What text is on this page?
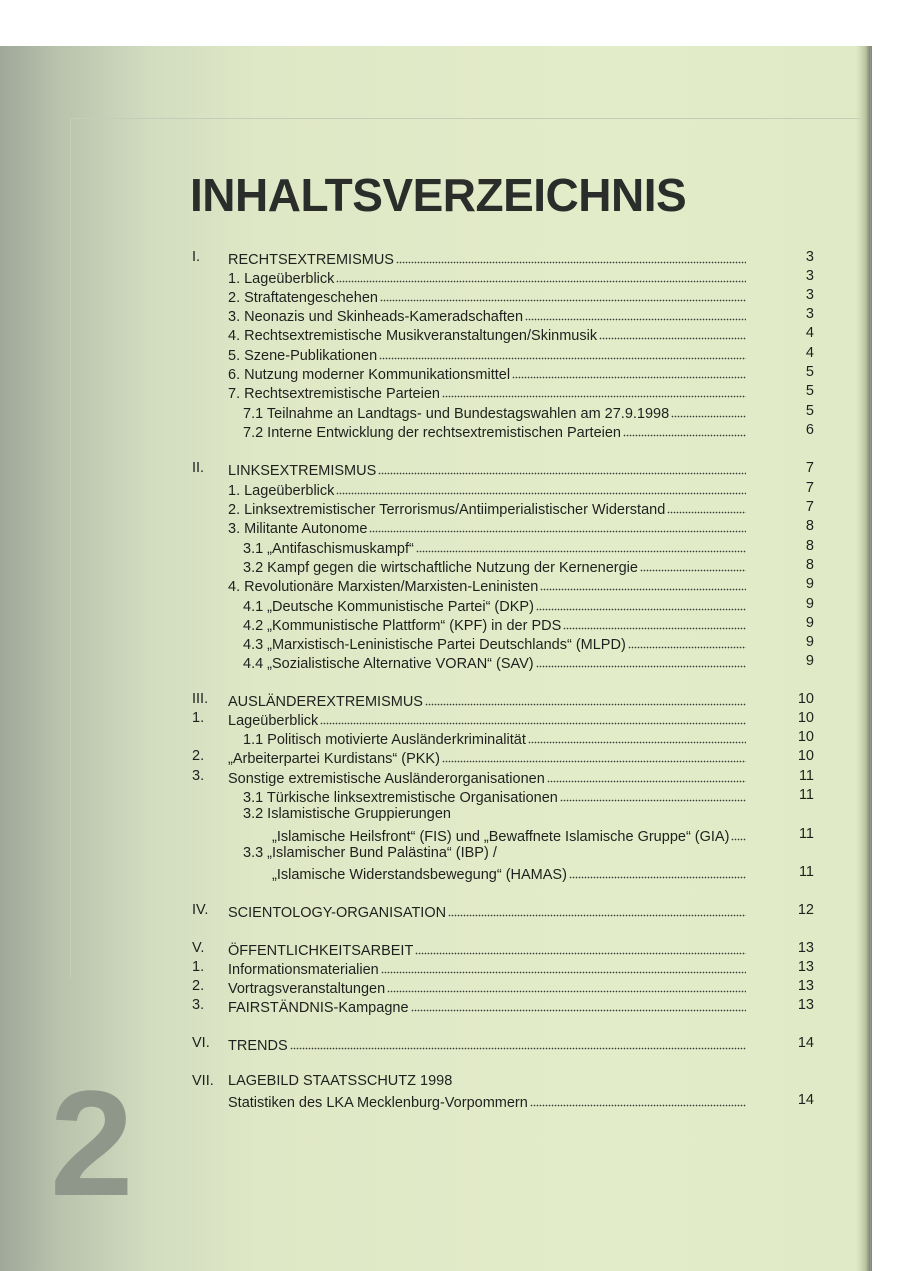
INHALTSVERZEICHNIS
2
I. RECHTSEXTREMISMUS	3
1. Lageüberblick	3
2. Straftatengeschehen	3
3. Neonazis und Skinheads-Kameradschaften	3
4. Rechtsextremistische Musikveranstaltungen/Skinmusik	4
5. Szene-Publikationen	4
6. Nutzung moderner Kommunikationsmittel	5
7. Rechtsextremistische Parteien	5
7.1 Teilnahme an Landtags- und Bundestagswahlen am 27.9.1998	5
7.2 Interne Entwicklung der rechtsextremistischen Parteien	6
II. LINKSEXTREMISMUS	7
1. Lageüberblick	7
2. Linksextremistischer Terrorismus/Antiimperialistischer Widerstand	7
3. Militante Autonome	8
3.1 „Antifaschismuskampf“	8
3.2 Kampf gegen die wirtschaftliche Nutzung der Kernenergie	8
4. Revolutionäre Marxisten/Marxisten-Leninisten	9
4.1 „Deutsche Kommunistische Partei“ (DKP)	9
4.2 „Kommunistische Plattform“ (KPF) in der PDS	9
4.3 „Marxistisch-Leninistische Partei Deutschlands“ (MLPD)	9
4.4 „Sozialistische Alternative VORAN“ (SAV)	9
III. AUSLÄNDEREXTREMISMUS	10
1. Lageüberblick	10
1.1 Politisch motivierte Ausländerkriminalität	10
2. „Arbeiterpartei Kurdistans“ (PKK)	10
3. Sonstige extremistische Ausländerorganisationen	11
3.1 Türkische linksextremistische Organisationen	11
3.2 Islamistische Gruppierungen
„Islamische Heilsfront“ (FIS) und „Bewaffnete Islamische Gruppe“ (GIA)	11
3.3 „Islamischer Bund Palästina“ (IBP) /
„Islamische Widerstandsbewegung“ (HAMAS)	11
IV. SCIENTOLOGY-ORGANISATION	12
V. ÖFFENTLICHKEITSARBEIT	13
1. Informationsmaterialien	13
2. Vortragsveranstaltungen	13
3. FAIRSTÄNDNIS-Kampagne	13
VI. TRENDS	14
VII. LAGEBILD STAATSSCHUTZ 1998
Statistiken des LKA Mecklenburg-Vorpommern	14
